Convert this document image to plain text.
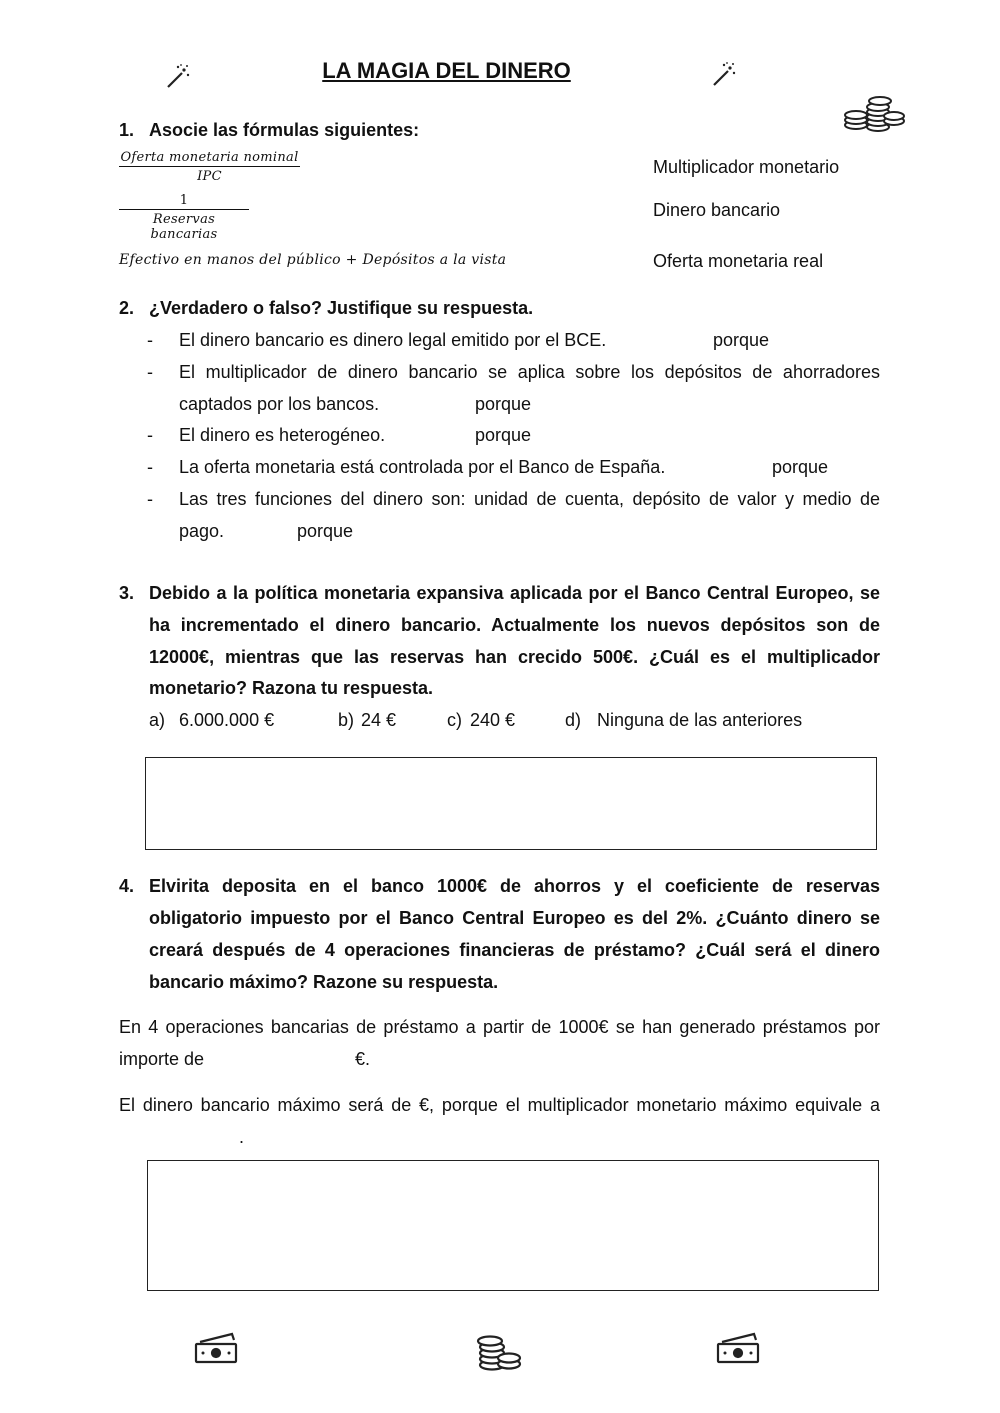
LA MAGIA DEL DINERO
1. Asocie las fórmulas siguientes:
Oferta monetaria nominal
IPC
1
Reservas bancarias
Efectivo en manos del público + Depósitos a la vista
Multiplicador monetario
Dinero bancario
Oferta monetaria real
2. ¿Verdadero o falso? Justifique su respuesta.
- El dinero bancario es dinero legal emitido por el BCE.	porque
- El multiplicador de dinero bancario se aplica sobre los depósitos de ahorradores
captados por los bancos.	porque
- El dinero es heterogéneo.	porque
- La oferta monetaria está controlada por el Banco de España.	porque
- Las tres funciones del dinero son: unidad de cuenta, depósito de valor y medio de
pago.	porque
3. Debido a la política monetaria expansiva aplicada por el Banco Central Europeo, se
ha incrementado el dinero bancario. Actualmente los nuevos depósitos son de
12000€, mientras que las reservas han crecido 500€. ¿Cuál es el multiplicador
monetario? Razona tu respuesta.
a) 6.000.000 €	b) 24 €	c) 240 €	d) Ninguna de las anteriores
4. Elvirita deposita en el banco 1000€ de ahorros y el coeficiente de reservas
obligatorio impuesto por el Banco Central Europeo es del 2%. ¿Cuánto dinero se
creará después de 4 operaciones financieras de préstamo? ¿Cuál será el dinero
bancario máximo? Razone su respuesta.
En 4 operaciones bancarias de préstamo a partir de 1000€ se han generado préstamos por
importe de	€.
El dinero bancario máximo será de €, porque el multiplicador monetario máximo equivale a
.
